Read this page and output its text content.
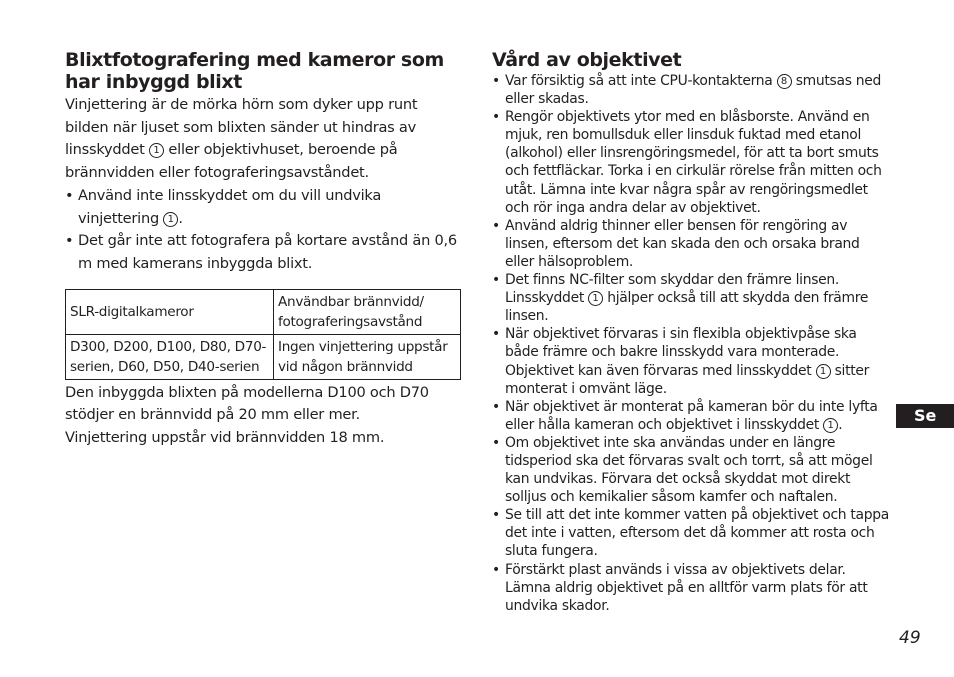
Blixtfotografering med kameror som har inbyggd blixt

Vinjettering är de mörka hörn som dyker upp runt bilden när ljuset som blixten sänder ut hindras av linsskyddet 1 eller objektivhuset, beroende på brännvidden eller fotograferingsavståndet.

• Använd inte linsskyddet om du vill undvika vinjettering 1 .
• Det går inte att fotografera på kortare avstånd än 0,6 m med kamerans inbyggda blixt.
SLR-digitalkameror	Användbar brännvidd/ fotograferingsavstånd
D300, D200, D100, D80, D70-serien, D60, D50, D40-serien	Ingen vinjettering uppstår vid någon brännvidd

Den inbyggda blixten på modellerna D100 och D70 stödjer en brännvidd på 20 mm eller mer.
Vinjettering uppstår vid brännvidden 18 mm.

Vård av objektivet
• Var försiktig så att inte CPU-kontakterna 8 smutsas ned eller skadas.
• Rengör objektivets ytor med en blåsborste. Använd en mjuk, ren bomullsduk eller linsduk fuktad med etanol (alkohol) eller linsrengöringsmedel, för att ta bort smuts och fettfläckar. Torka i en cirkulär rörelse från mitten och utåt. Lämna inte kvar några spår av rengöringsmedlet och rör inga andra delar av objektivet.
• Använd aldrig thinner eller bensen för rengöring av linsen, eftersom det kan skada den och orsaka brand eller hälsoproblem.
• Det finns NC-filter som skyddar den främre linsen. Linsskyddet 1 hjälper också till att skydda den främre linsen.
• När objektivet förvaras i sin flexibla objektivpåse ska både främre och bakre linsskydd vara monterade. Objektivet kan även förvaras med linsskyddet 1 sitter monterat i omvänt läge.
• När objektivet är monterat på kameran bör du inte lyfta eller hålla kameran och objektivet i linsskyddet 1 .
• Om objektivet inte ska användas under en längre tidsperiod ska det förvaras svalt och torrt, så att mögel kan undvikas. Förvara det också skyddat mot direkt solljus och kemikalier såsom kamfer och naftalen.
• Se till att det inte kommer vatten på objektivet och tappa det inte i vatten, eftersom det då kommer att rosta och sluta fungera.
• Förstärkt plast används i vissa av objektivets delar. Lämna aldrig objektivet på en alltför varm plats för att undvika skador.
Se
49
